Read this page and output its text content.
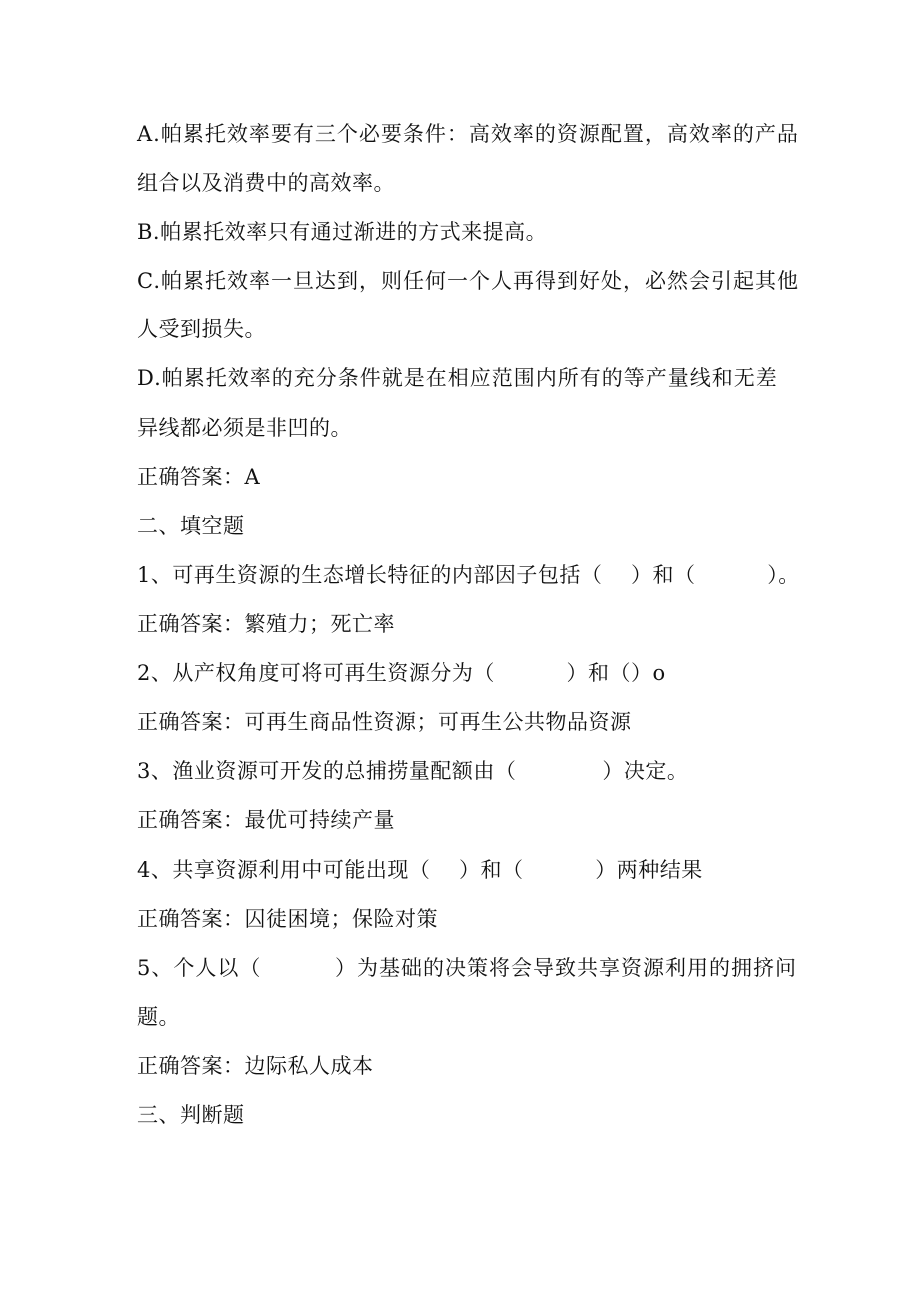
A.帕累托效率要有三个必要条件：高效率的资源配置，高效率的产品
组合以及消费中的高效率。
B.帕累托效率只有通过渐进的方式来提高。
C.帕累托效率一旦达到，则任何一个人再得到好处，必然会引起其他
人受到损失。
D.帕累托效率的充分条件就是在相应范围内所有的等产量线和无差
异线都必须是非凹的。
正确答案：A
二、填空题
1、可再生资源的生态增长特征的内部因子包括（　 ）和（　　　 ）。
正确答案：繁殖力；死亡率
2、从产权角度可将可再生资源分为（　　　 ）和（）o
正确答案：可再生商品性资源；可再生公共物品资源
3、渔业资源可开发的总捕捞量配额由（　　　　）决定。
正确答案：最优可持续产量
4、共享资源利用中可能出现（　 ）和（　　　 ）两种结果
正确答案：囚徒困境；保险对策
5、个人以（　　　 ）为基础的决策将会导致共享资源利用的拥挤问
题。
正确答案：边际私人成本
三、判断题
